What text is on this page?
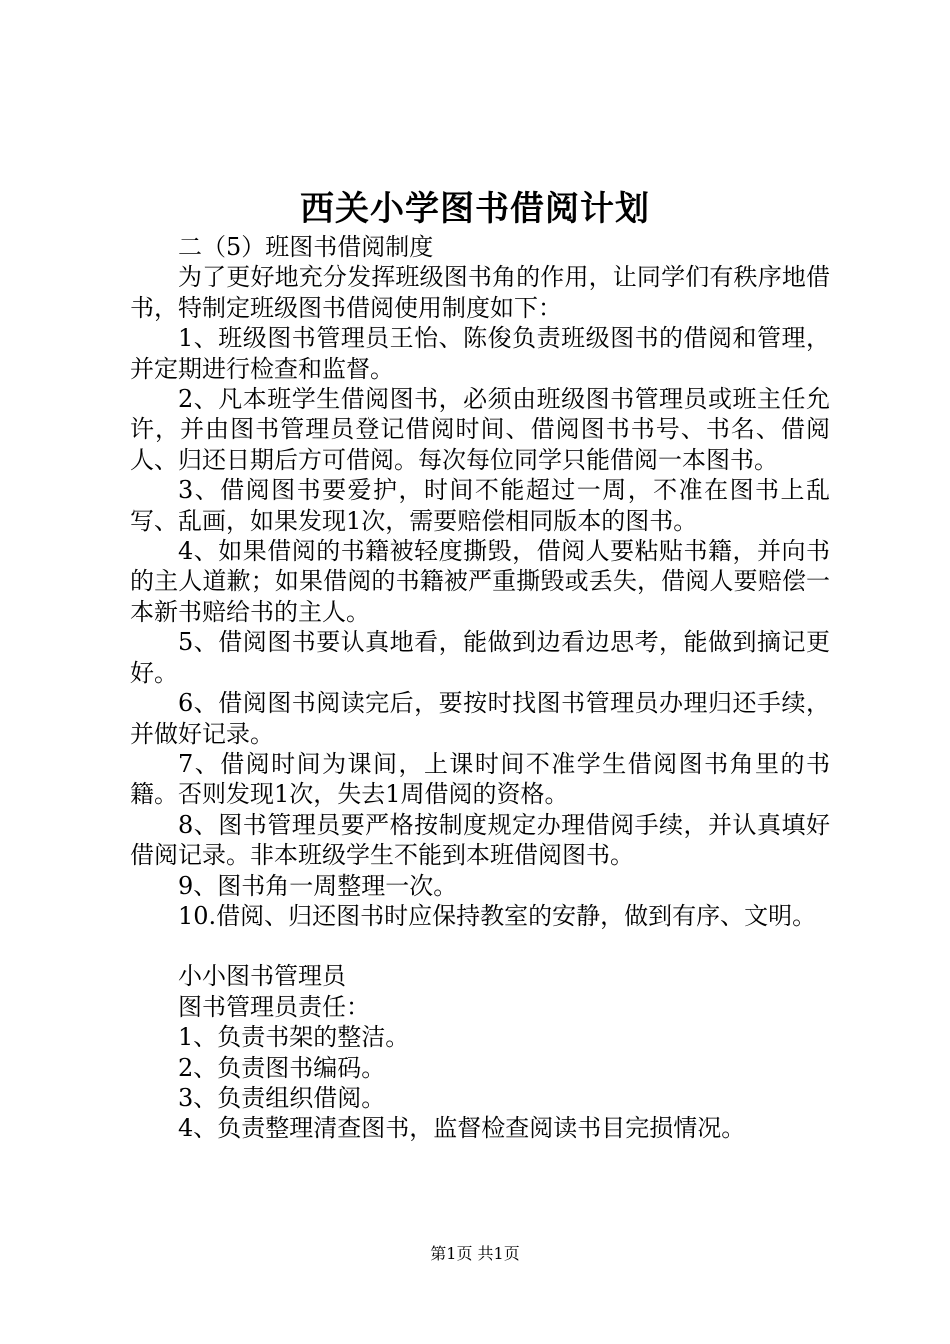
西关小学图书借阅计划

二（5）班图书借阅制度

为了更好地充分发挥班级图书角的作用，让同学们有秩序地借书，特制定班级图书借阅使用制度如下：

1、班级图书管理员王怡、陈俊负责班级图书的借阅和管理，并定期进行检查和监督。

2、凡本班学生借阅图书，必须由班级图书管理员或班主任允许，并由图书管理员登记借阅时间、借阅图书书号、书名、借阅人、归还日期后方可借阅。每次每位同学只能借阅一本图书。

3、借阅图书要爱护，时间不能超过一周，不准在图书上乱写、乱画，如果发现1次，需要赔偿相同版本的图书。

4、如果借阅的书籍被轻度撕毁，借阅人要粘贴书籍，并向书的主人道歉；如果借阅的书籍被严重撕毁或丢失，借阅人要赔偿一本新书赔给书的主人。

5、借阅图书要认真地看，能做到边看边思考，能做到摘记更好。

6、借阅图书阅读完后，要按时找图书管理员办理归还手续，并做好记录。

7、借阅时间为课间，上课时间不准学生借阅图书角里的书籍。否则发现1次，失去1周借阅的资格。

8、图书管理员要严格按制度规定办理借阅手续，并认真填好借阅记录。非本班级学生不能到本班借阅图书。

9、图书角一周整理一次。

10.借阅、归还图书时应保持教室的安静，做到有序、文明。

小小图书管理员

图书管理员责任：

1、负责书架的整洁。

2、负责图书编码。

3、负责组织借阅。

4、负责整理清查图书，监督检查阅读书目完损情况。

第1页 共1页
